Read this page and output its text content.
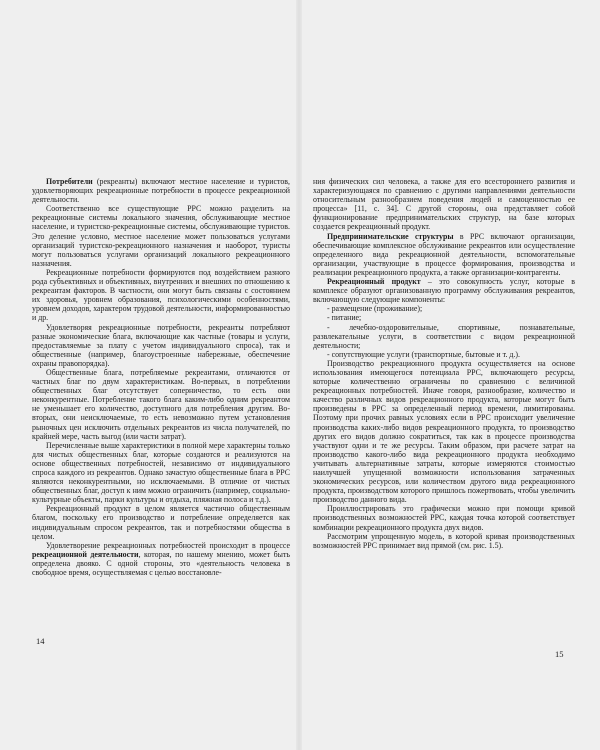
Потребители (рекреанты) включают местное население и туристов, удовлетворяющих рекреационные потребности в процессе рекреационной деятельности.

Соответственно все существующие РРС можно разделить на рекреационные системы локального значения, обслуживающие местное население, и туристско-рекреационные системы, обслуживающие туристов. Это деление условно, местное население может пользоваться услугами организаций туристско-рекреационного назначения и наоборот, туристы могут пользоваться услугами организаций локального рекреационного назначения.

Рекреационные потребности формируются под воздействием разного рода субъективных и объективных, внутренних и внешних по отношению к рекреантам факторов. В частности, они могут быть связаны с состоянием их здоровья, уровнем образования, психологическими особенностями, уровнем доходов, характером трудовой деятельности, информированностью и др.

Удовлетворяя рекреационные потребности, рекреанты потребляют разные экономические блага, включающие как частные (товары и услуги, предоставляемые за плату с учетом индивидуального спроса), так и общественные (например, благоустроенные набережные, обеспечение охраны правопорядка).

Общественные блага, потребляемые рекреантами, отличаются от частных благ по двум характеристикам. Во-первых, в потреблении общественных благ отсутствует соперничество, то есть они неконкурентные. Потребление такого блага каким-либо одним рекреантом не уменьшает его количество, доступного для потребления другим. Во-вторых, они неисключаемые, то есть невозможно путем установления рыночных цен исключить отдельных рекреантов из числа получателей, по крайней мере, часть выгод (или части затрат).

Перечисленные выше характеристики в полной мере характерны только для чистых общественных благ, которые создаются и реализуются на основе общественных потребностей, независимо от индивидуального спроса каждого из рекреантов. Однако зачастую общественные блага в РРС являются неконкурентными, но исключаемыми. В отличие от чистых общественных благ, доступ к ним можно ограничить (например, социально-культурные объекты, парки культуры и отдыха, пляжная полоса и т.д.).

Рекреационный продукт в целом является частично общественным благом, поскольку его производство и потребление определяется как индивидуальным спросом рекреантов, так и потребностями общества в целом.

Удовлетворение рекреационных потребностей происходит в процессе рекреационной деятельности, которая, по нашему мнению, может быть определена двояко. С одной стороны, это «деятельность человека в свободное время, осуществляемая с целью восстановле-

14

ния физических сил человека, а также для его всестороннего развития и характеризующаяся по сравнению с другими направлениями деятельности относительным разнообразием поведения людей и самоценностью ее процесса» [11, с. 34]. С другой стороны, она представляет собой функционирование предпринимательских структур, на базе которых создается рекреационный продукт.

Предпринимательские структуры в РРС включают организации, обеспечивающие комплексное обслуживание рекреантов или осуществление определенного вида рекреационной деятельности, вспомогательные организации, участвующие в процессе формирования, производства и реализации рекреационного продукта, а также организации-контрагенты.

Рекреационный продукт – это совокупность услуг, которые в комплексе образуют организованную программу обслуживания рекреантов, включающую следующие компоненты:

- размещение (проживание);

- питание;

- лечебно-оздоровительные, спортивные, познавательные, развлекательные услуги, в соответствии с видом рекреационной деятельности;

- сопутствующие услуги (транспортные, бытовые и т. д.).

Производство рекреационного продукта осуществляется на основе использования имеющегося потенциала РРС, включающего ресурсы, которые количественно ограничены по сравнению с величиной рекреационных потребностей. Иначе говоря, разнообразие, количество и качество различных видов рекреационного продукта, которые могут быть произведены в РРС за определенный период времени, лимитированы. Поэтому при прочих равных условиях если в РРС происходит увеличение производства каких-либо видов рекреационного продукта, то производство других его видов должно сократиться, так как в процессе производства участвуют одни и те же ресурсы. Таким образом, при расчете затрат на производство какого-либо вида рекреационного продукта необходимо учитывать альтернативные затраты, которые измеряются стоимостью наилучшей упущенной возможности использования затраченных экономических ресурсов, или количеством другого вида рекреационного продукта, производством которого пришлось пожертвовать, чтобы увеличить производство данного вида.

Проиллюстрировать это графически можно при помощи кривой производственных возможностей РРС, каждая точка которой соответствует комбинации рекреационного продукта двух видов.

Рассмотрим упрощенную модель, в которой кривая производственных возможностей РРС принимает вид прямой (см. рис. 1.5).

15
